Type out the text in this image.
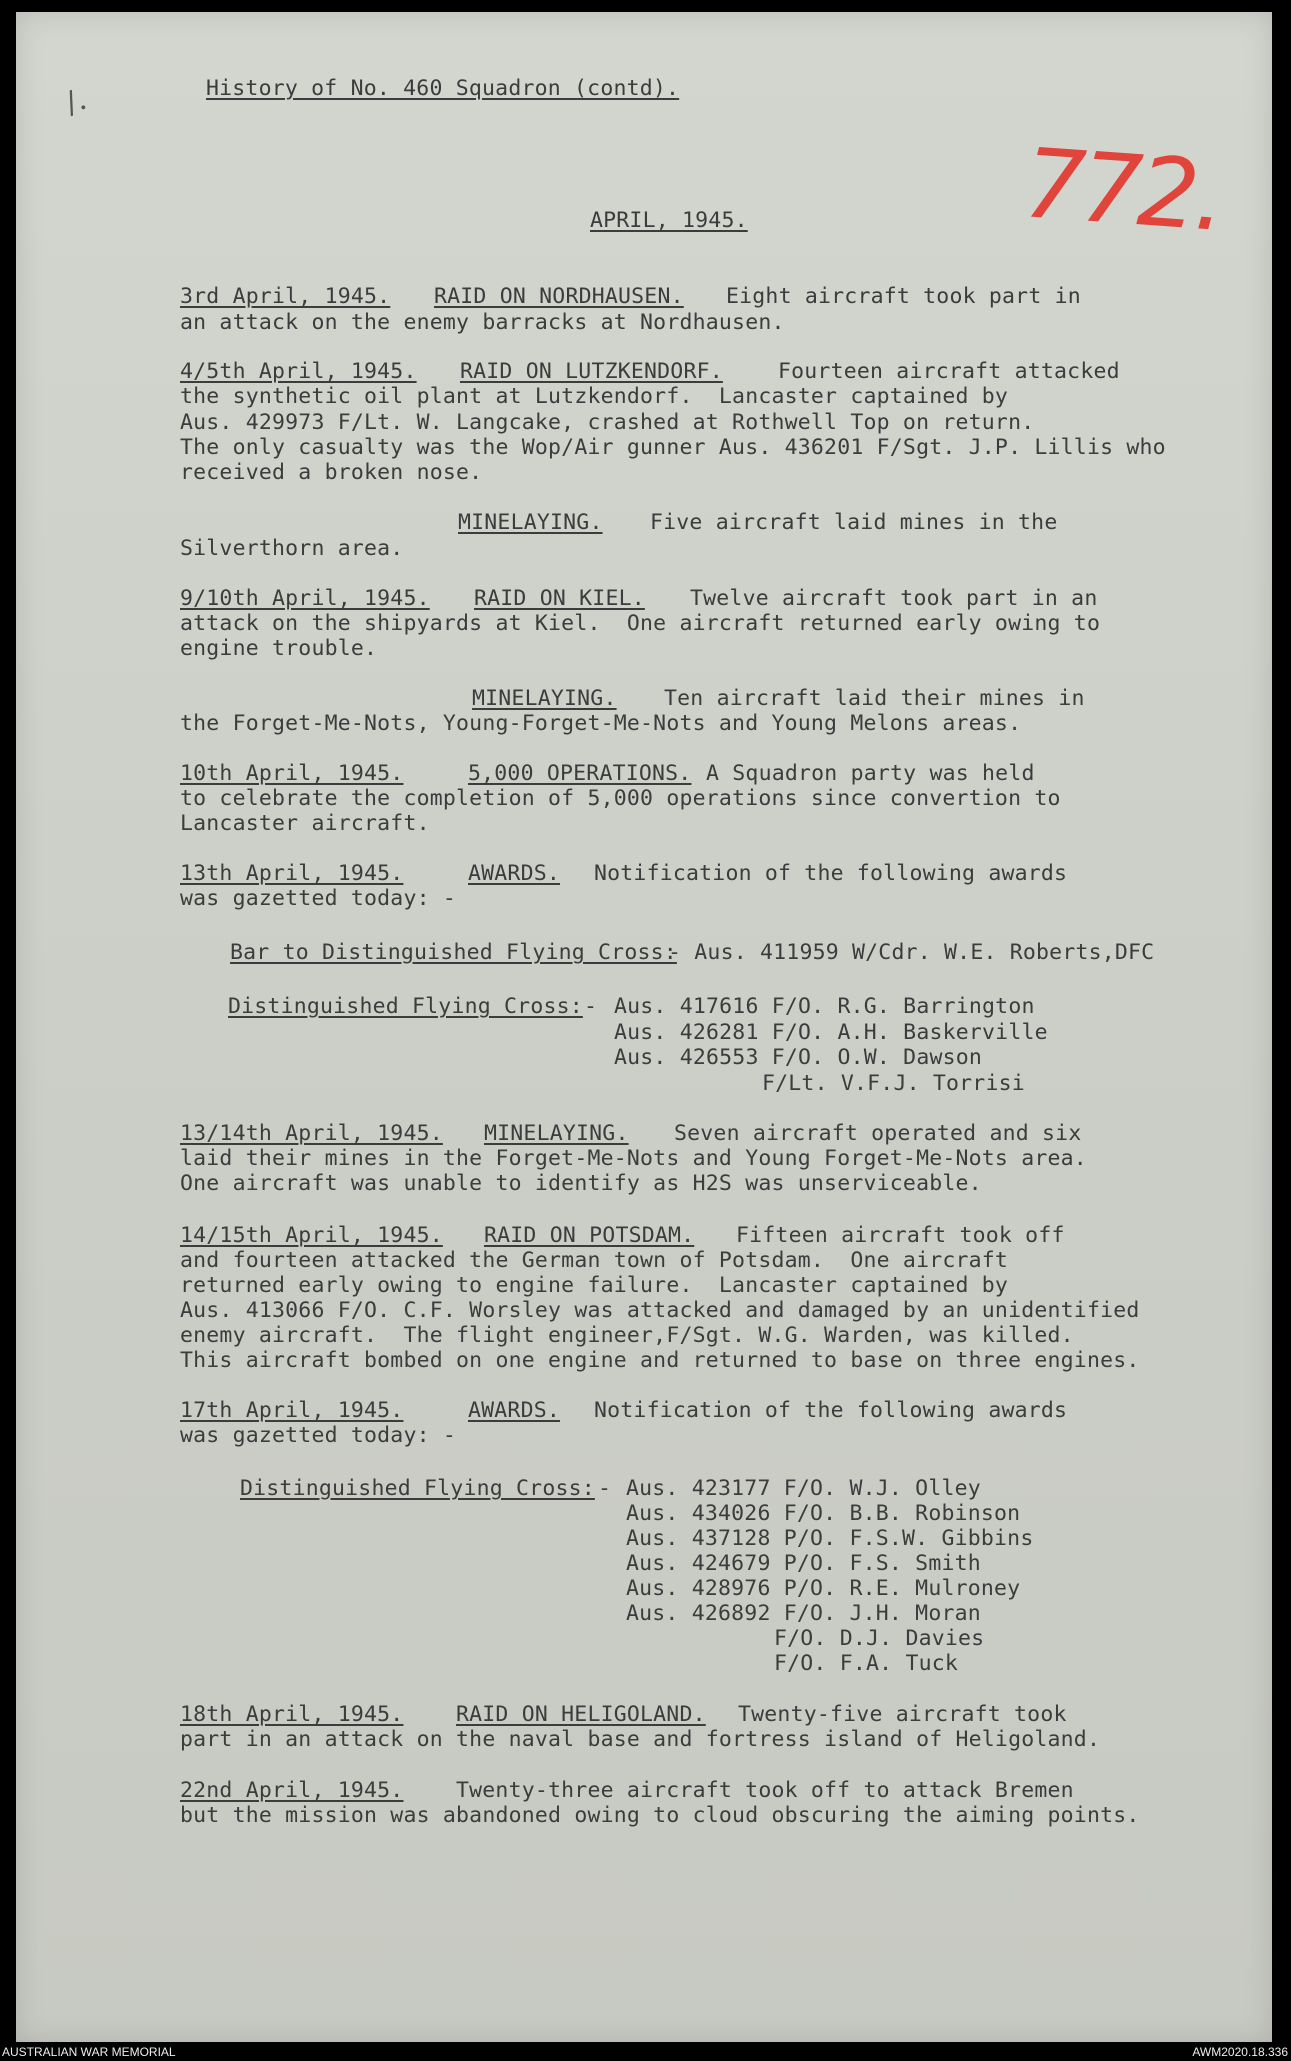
/.	History of No. 460 Squadron (contd).
772.
APRIL, 1945.
3rd April, 1945. RAID ON NORDHAUSEN. Eight aircraft took part in
an attack on the enemy barracks at Nordhausen.
4/5th April, 1945. RAID ON LUTZKENDORF.	Fourteen aircraft attacked
the synthetic oil plant at Lutzkendorf.  Lancaster captained by
Aus. 429973 F/Lt. W. Langcake, crashed at Rothwell Top on return.
The only casualty was the Wop/Air gunner Aus. 436201 F/Sgt. J.P. Lillis who
received a broken nose.
MINELAYING. Five aircraft laid mines in the
Silverthorn area.
9/10th April, 1945. RAID ON KIEL. Twelve aircraft took part in an
attack on the shipyards at Kiel.  One aircraft returned early owing to
engine trouble.
MINELAYING. Ten aircraft laid their mines in
the Forget-Me-Nots, Young-Forget-Me-Nots and Young Melons areas.
10th April, 1945.	5,000 OPERATIONS. A Squadron party was held
to celebrate the completion of 5,000 operations since convertion to
Lancaster aircraft.
13th April, 1945.	AWARDS. Notification of the following awards
was gazetted today: -
Bar to Distinguished Flying Cross:
- Aus. 411959 W/Cdr. W.E. Roberts,DFC
Distinguished Flying Cross: - Aus. 417616 F/O. R.G. Barrington
Aus. 426281 F/O. A.H. Baskerville
Aus. 426553 F/O. O.W. Dawson
F/Lt. V.F.J. Torrisi
13/14th April, 1945. MINELAYING. Seven aircraft operated and six
laid their mines in the Forget-Me-Nots and Young Forget-Me-Nots area.
One aircraft was unable to identify as H2S was unserviceable.
14/15th April, 1945. RAID ON POTSDAM. Fifteen aircraft took off
and fourteen attacked the German town of Potsdam.  One aircraft
returned early owing to engine failure.  Lancaster captained by
Aus. 413066 F/O. C.F. Worsley was attacked and damaged by an unidentified
enemy aircraft.  The flight engineer,F/Sgt. W.G. Warden, was killed.
This aircraft bombed on one engine and returned to base on three engines.
17th April, 1945.	AWARDS. Notification of the following awards
was gazetted today: -
Distinguished Flying Cross: - Aus. 423177 F/O. W.J. Olley
Aus. 434026 F/O. B.B. Robinson
Aus. 437128 P/O. F.S.W. Gibbins
Aus. 424679 P/O. F.S. Smith
Aus. 428976 P/O. R.E. Mulroney
Aus. 426892 F/O. J.H. Moran
F/O. D.J. Davies
F/O. F.A. Tuck
18th April, 1945. RAID ON HELIGOLAND. Twenty-five aircraft took
part in an attack on the naval base and fortress island of Heligoland.
22nd April, 1945. Twenty-three aircraft took off to attack Bremen
but the mission was abandoned owing to cloud obscuring the aiming points.
AUSTRALIAN WAR MEMORIAL	AWM2020.18.336
